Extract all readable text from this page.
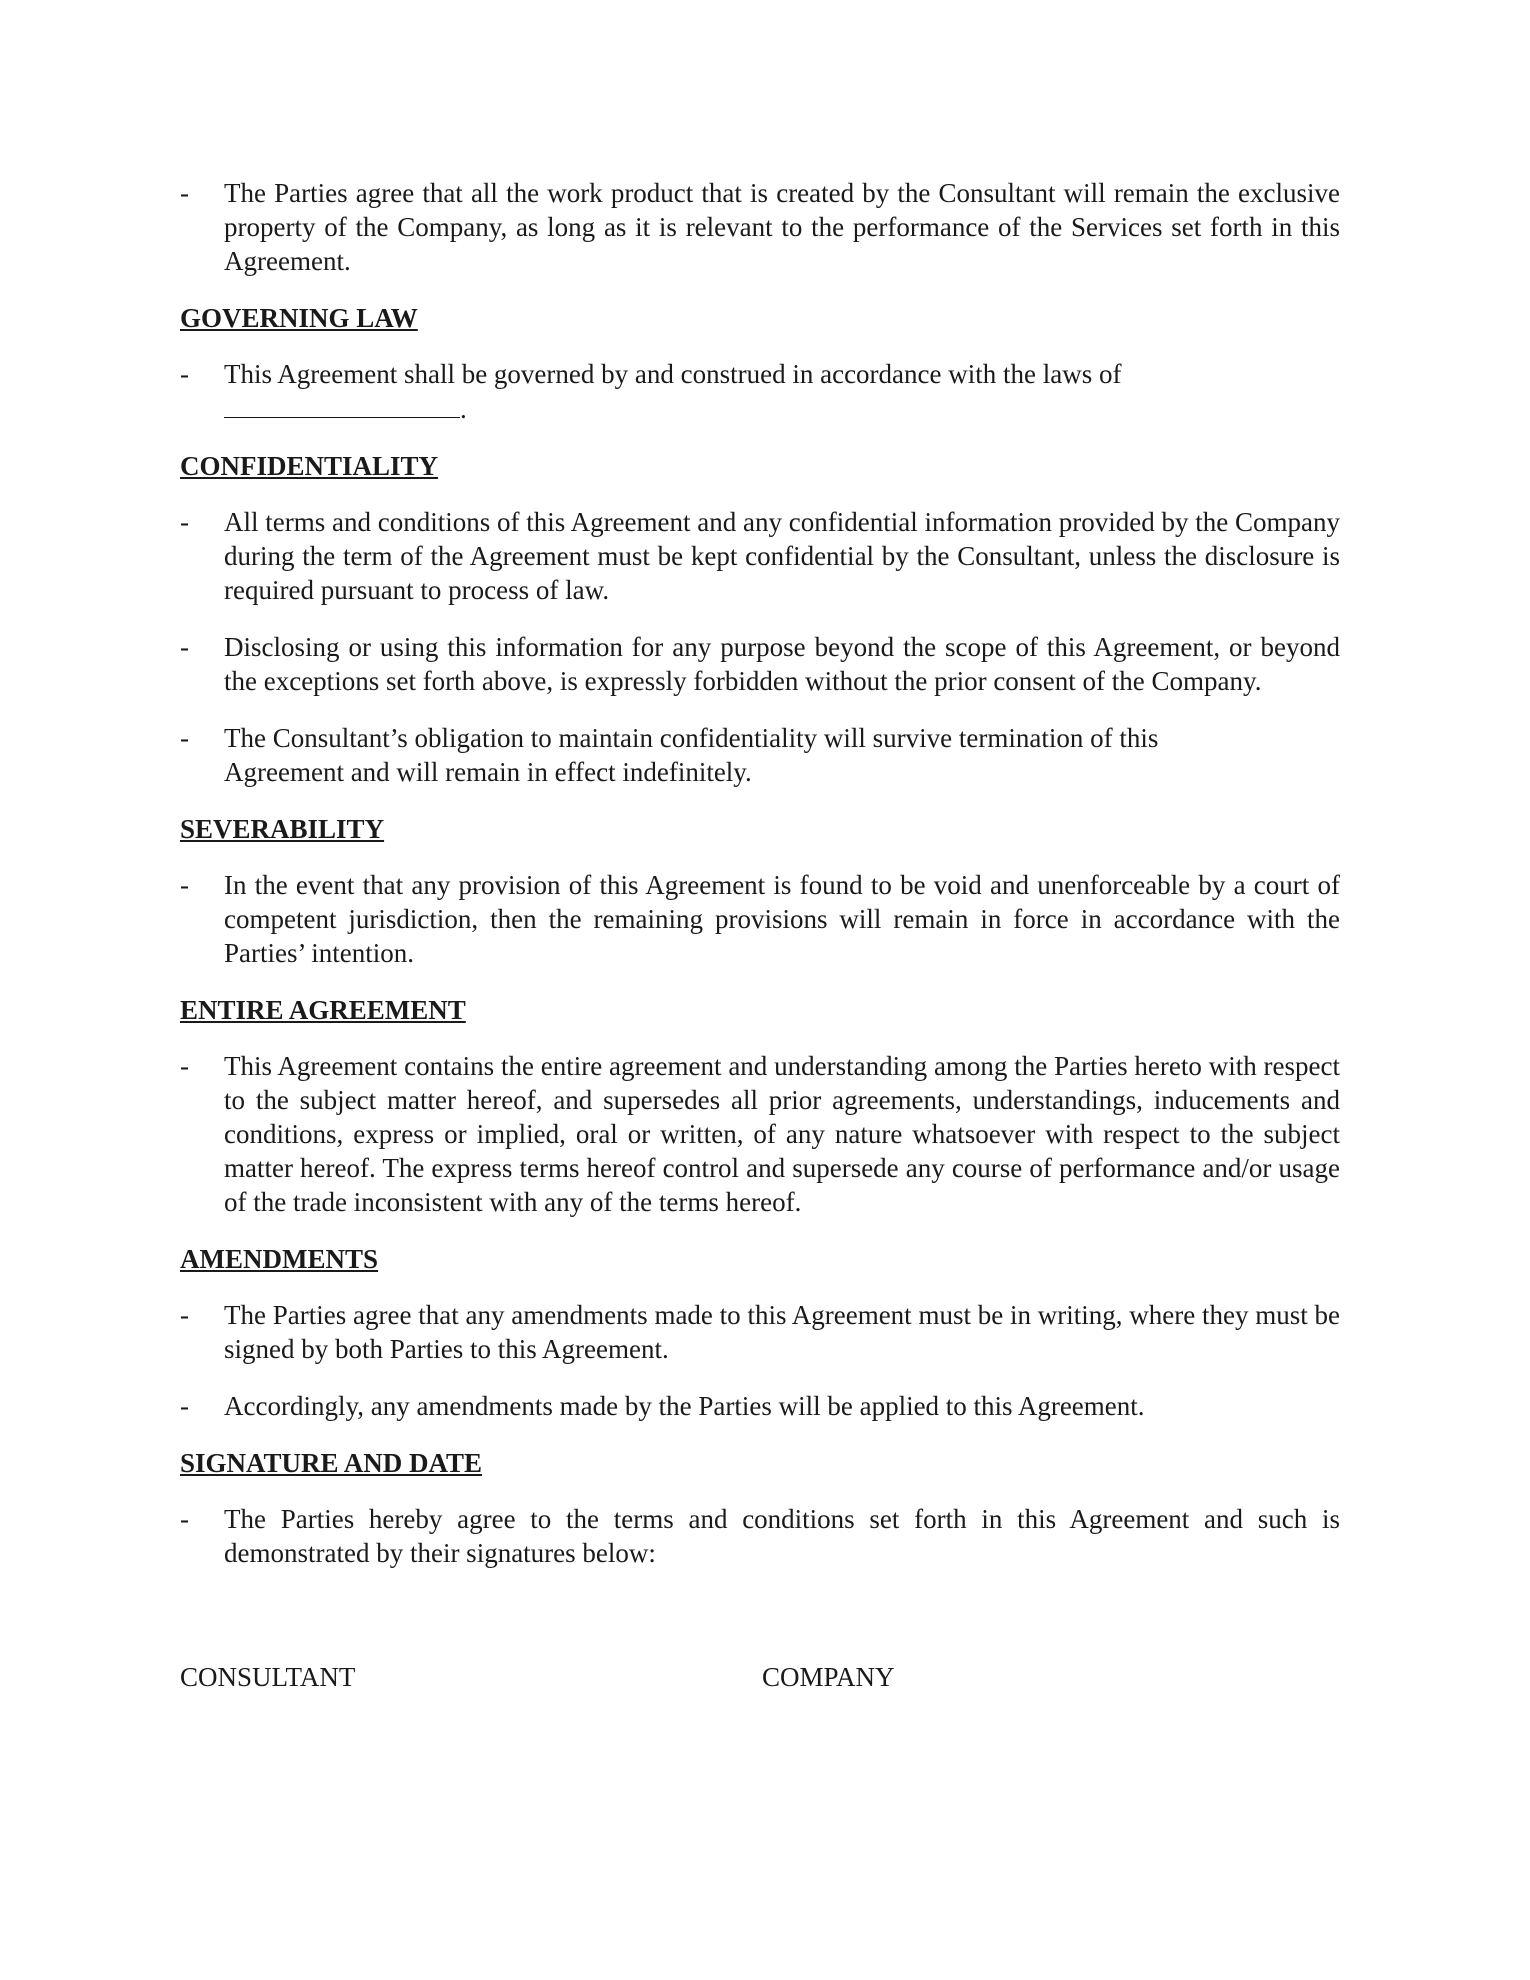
-	The Parties agree that all the work product that is created by the Consultant will remain the exclusive property of the Company, as long as it is relevant to the performance of the Services set forth in this Agreement.
GOVERNING LAW
-	This Agreement shall be governed by and construed in accordance with the laws of
.
CONFIDENTIALITY
-	All terms and conditions of this Agreement and any confidential information provided by the Company during the term of the Agreement must be kept confidential by the Consultant, unless the disclosure is required pursuant to process of law.
-	Disclosing or using this information for any purpose beyond the scope of this Agreement, or beyond the exceptions set forth above, is expressly forbidden without the prior consent of the Company.
-	The Consultant’s obligation to maintain confidentiality will survive termination of this Agreement and will remain in effect indefinitely.
SEVERABILITY
-	In the event that any provision of this Agreement is found to be void and unenforceable by a court of competent jurisdiction, then the remaining provisions will remain in force in accordance with the Parties’ intention.
ENTIRE AGREEMENT
-	This Agreement contains the entire agreement and understanding among the Parties hereto with respect to the subject matter hereof, and supersedes all prior agreements, understandings, inducements and conditions, express or implied, oral or written, of any nature whatsoever with respect to the subject matter hereof. The express terms hereof control and supersede any course of performance and/or usage of the trade inconsistent with any of the terms hereof.
AMENDMENTS
-	The Parties agree that any amendments made to this Agreement must be in writing, where they must be signed by both Parties to this Agreement.
-	Accordingly, any amendments made by the Parties will be applied to this Agreement.
SIGNATURE AND DATE
-	The Parties hereby agree to the terms and conditions set forth in this Agreement and such is demonstrated by their signatures below:
CONSULTANT	COMPANY
